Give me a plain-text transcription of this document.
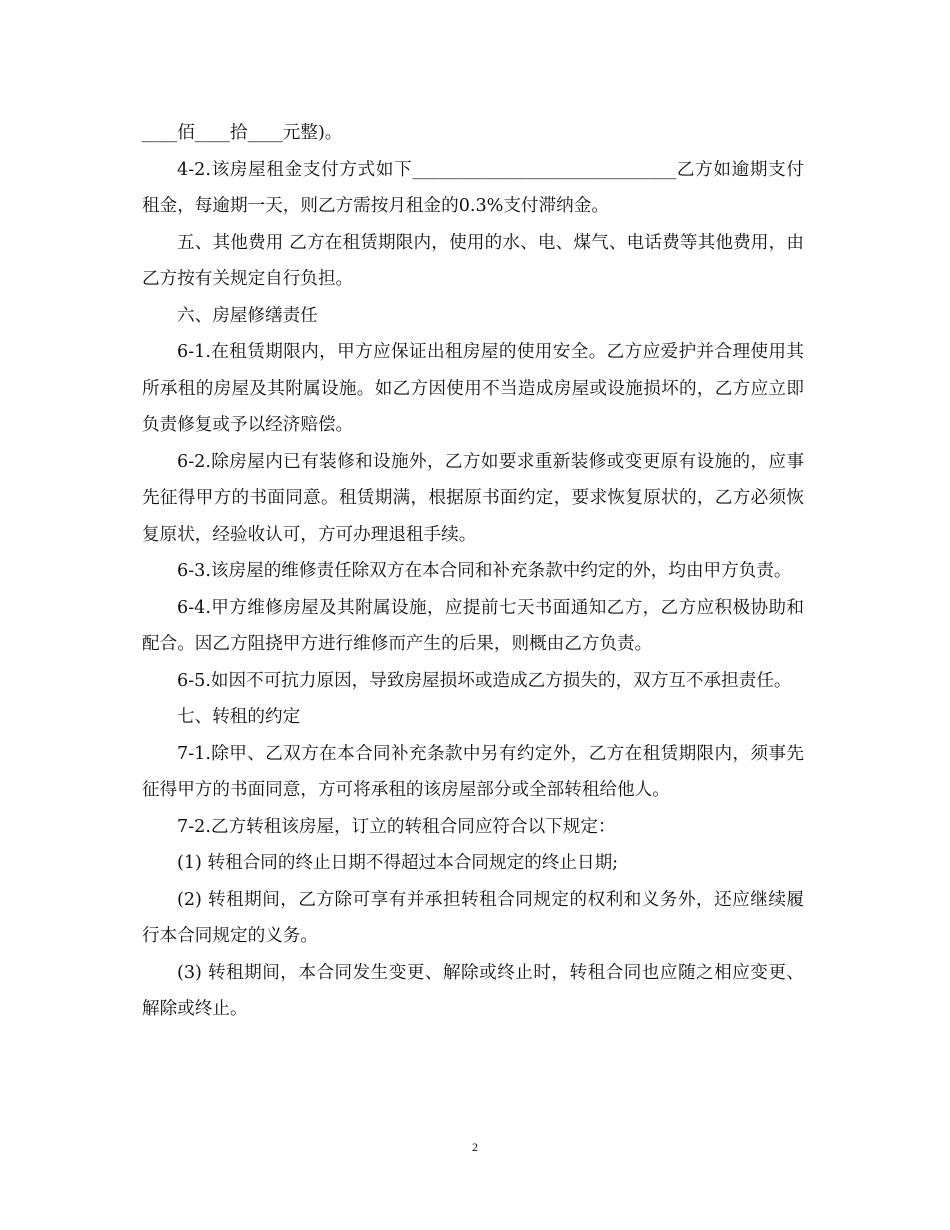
____佰____拾____元整)。

4-2.该房屋租金支付方式如下______________________________乙方如逾期支付租金，每逾期一天，则乙方需按月租金的0.3%支付滞纳金。

五、其他费用 乙方在租赁期限内，使用的水、电、煤气、电话费等其他费用，由乙方按有关规定自行负担。

六、房屋修缮责任

6-1.在租赁期限内，甲方应保证出租房屋的使用安全。乙方应爱护并合理使用其所承租的房屋及其附属设施。如乙方因使用不当造成房屋或设施损坏的，乙方应立即负责修复或予以经济赔偿。

6-2.除房屋内已有装修和设施外，乙方如要求重新装修或变更原有设施的，应事先征得甲方的书面同意。租赁期满，根据原书面约定，要求恢复原状的，乙方必须恢复原状，经验收认可，方可办理退租手续。

6-3.该房屋的维修责任除双方在本合同和补充条款中约定的外，均由甲方负责。

6-4.甲方维修房屋及其附属设施，应提前七天书面通知乙方，乙方应积极协助和配合。因乙方阻挠甲方进行维修而产生的后果，则概由乙方负责。

6-5.如因不可抗力原因，导致房屋损坏或造成乙方损失的，双方互不承担责任。

七、转租的约定

7-1.除甲、乙双方在本合同补充条款中另有约定外，乙方在租赁期限内，须事先征得甲方的书面同意，方可将承租的该房屋部分或全部转租给他人。

7-2.乙方转租该房屋，订立的转租合同应符合以下规定：

(1) 转租合同的终止日期不得超过本合同规定的终止日期;

(2) 转租期间，乙方除可享有并承担转租合同规定的权利和义务外，还应继续履行本合同规定的义务。

(3) 转租期间，本合同发生变更、解除或终止时，转租合同也应随之相应变更、解除或终止。

2
